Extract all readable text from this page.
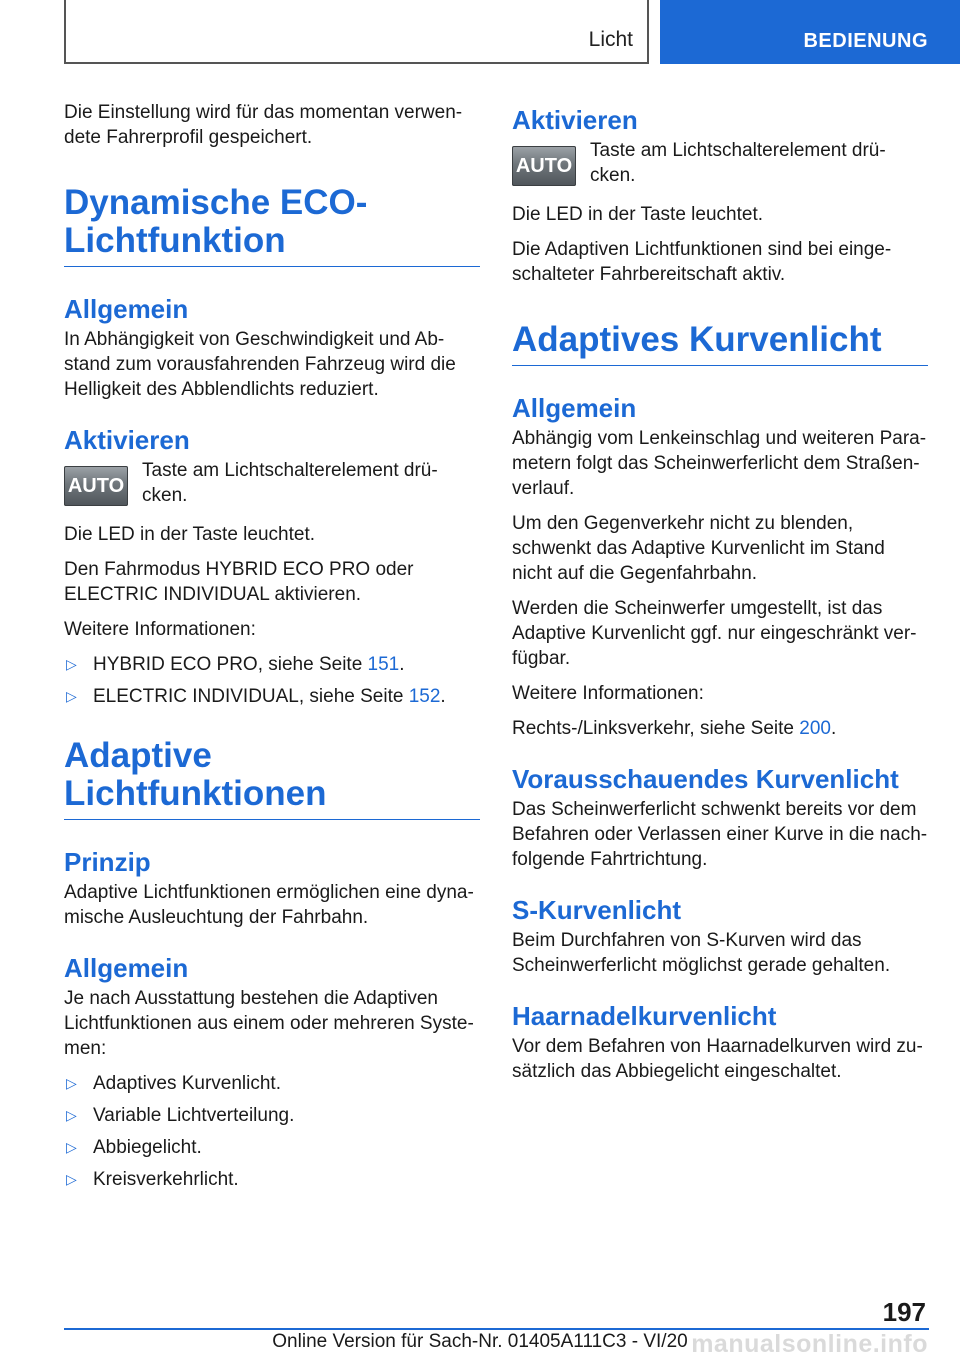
Licht	BEDIENUNG

Die Einstellung wird für das momentan verwen-
dete Fahrerprofil gespeichert.

Dynamische ECO-
Lichtfunktion
Allgemein

In Abhängigkeit von Geschwindigkeit und Ab-
stand zum vorausfahrenden Fahrzeug wird die
Helligkeit des Abblendlichts reduziert.

Aktivieren
AUTO

Taste am Lichtschalterelement drü-
cken.

Die LED in der Taste leuchtet.

Den Fahrmodus HYBRID ECO PRO oder
ELECTRIC INDIVIDUAL aktivieren.

Weitere Informationen:

▷ HYBRID ECO PRO, siehe Seite 151.
▷ ELECTRIC INDIVIDUAL, siehe Seite 152.
Adaptive Lichtfunktionen
Prinzip

Adaptive Lichtfunktionen ermöglichen eine dyna-
mische Ausleuchtung der Fahrbahn.

Allgemein

Je nach Ausstattung bestehen die Adaptiven
Lichtfunktionen aus einem oder mehreren Syste-
men:

▷ Adaptives Kurvenlicht.
▷ Variable Lichtverteilung.
▷ Abbiegelicht.
▷ Kreisverkehrlicht.
Aktivieren
AUTO

Taste am Lichtschalterelement drü-
cken.

Die LED in der Taste leuchtet.

Die Adaptiven Lichtfunktionen sind bei einge-
schalteter Fahrbereitschaft aktiv.

Adaptives Kurvenlicht
Allgemein

Abhängig vom Lenkeinschlag und weiteren Para-
metern folgt das Scheinwerferlicht dem Straßen-
verlauf.

Um den Gegenverkehr nicht zu blenden,
schwenkt das Adaptive Kurvenlicht im Stand
nicht auf die Gegenfahrbahn.

Werden die Scheinwerfer umgestellt, ist das
Adaptive Kurvenlicht ggf. nur eingeschränkt ver-
fügbar.

Weitere Informationen:

Rechts-/Linksverkehr, siehe Seite 200.

Vorausschauendes Kurvenlicht

Das Scheinwerferlicht schwenkt bereits vor dem
Befahren oder Verlassen einer Kurve in die nach-
folgende Fahrtrichtung.

S-Kurvenlicht

Beim Durchfahren von S-Kurven wird das
Scheinwerferlicht möglichst gerade gehalten.

Haarnadelkurvenlicht

Vor dem Befahren von Haarnadelkurven wird zu-
sätzlich das Abbiegelicht eingeschaltet.

197
Online Version für Sach-Nr. 01405A111C3 - VI/20 manualsonline.info
